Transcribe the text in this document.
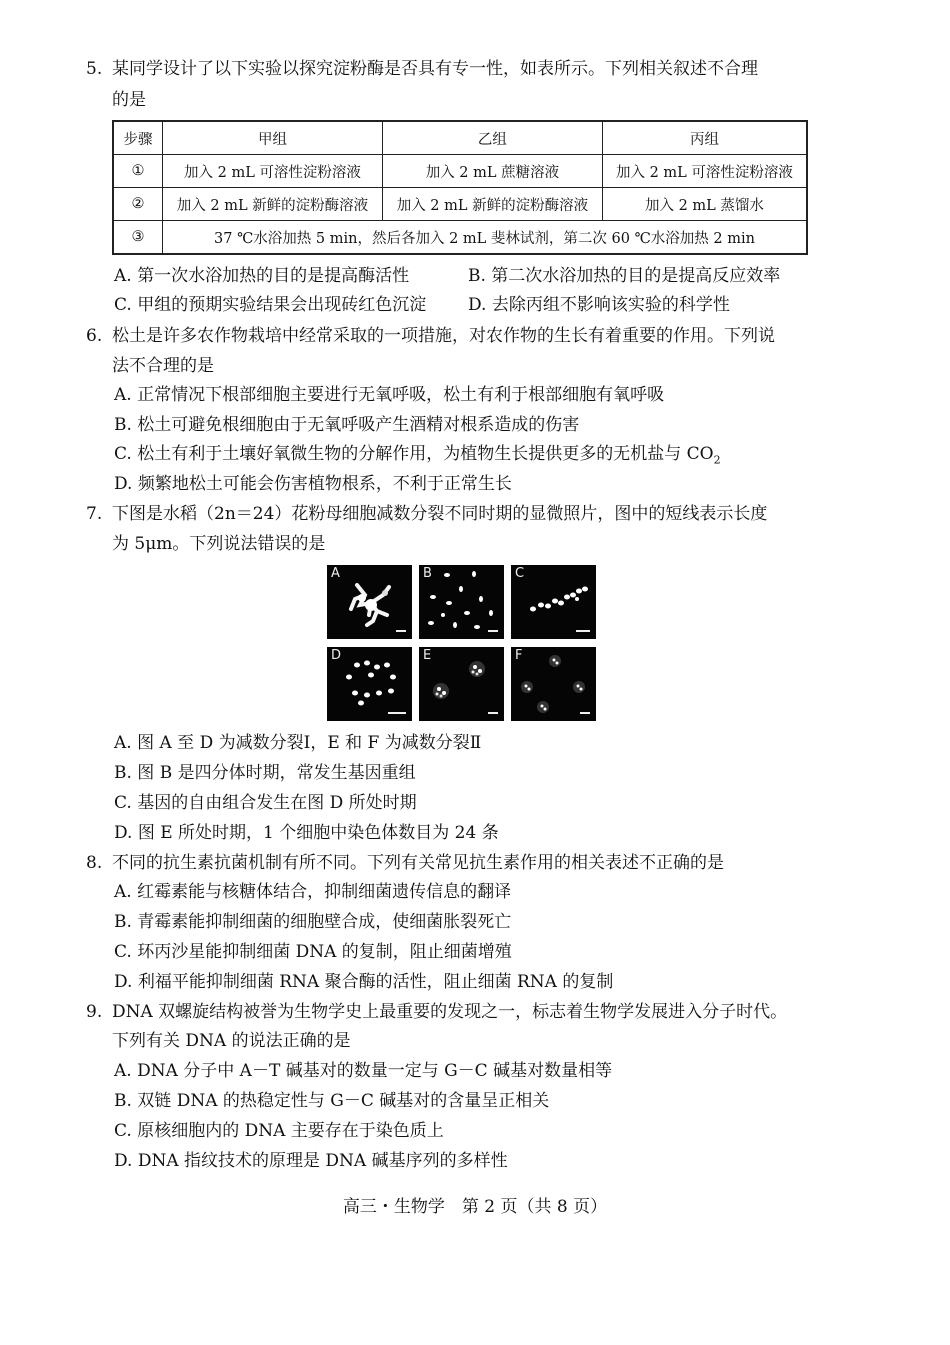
5. 某同学设计了以下实验以探究淀粉酶是否具有专一性，如表所示。下列相关叙述不合理
的是
步骤	甲组	乙组	丙组
①	加入 2 mL 可溶性淀粉溶液	加入 2 mL 蔗糖溶液	加入 2 mL 可溶性淀粉溶液
②	加入 2 mL 新鲜的淀粉酶溶液	加入 2 mL 新鲜的淀粉酶溶液	加入 2 mL 蒸馏水
③	37 ℃水浴加热 5 min，然后各加入 2 mL 斐林试剂，第二次 60 ℃水浴加热 2 min		
A. 第一次水浴加热的目的是提高酶活性	B. 第二次水浴加热的目的是提高反应效率
C. 甲组的预期实验结果会出现砖红色沉淀 D. 去除丙组不影响该实验的科学性
6. 松土是许多农作物栽培中经常采取的一项措施，对农作物的生长有着重要的作用。下列说
法不合理的是
A. 正常情况下根部细胞主要进行无氧呼吸，松土有利于根部细胞有氧呼吸
B. 松土可避免根细胞由于无氧呼吸产生酒精对根系造成的伤害
C. 松土有利于土壤好氧微生物的分解作用，为植物生长提供更多的无机盐与 $CO_2$
D. 频繁地松土可能会伤害植物根系，不利于正常生长
7. 下图是水稻（2n＝24）花粉母细胞减数分裂不同时期的显微照片，图中的短线表示长度
为 5μm。下列说法错误的是
A	B	C
D	E	F
A. 图 A 至 D 为减数分裂Ⅰ，E 和 F 为减数分裂Ⅱ
B. 图 B 是四分体时期，常发生基因重组
C. 基因的自由组合发生在图 D 所处时期
D. 图 E 所处时期，1 个细胞中染色体数目为 24 条
8. 不同的抗生素抗菌机制有所不同。下列有关常见抗生素作用的相关表述不正确的是
A. 红霉素能与核糖体结合，抑制细菌遗传信息的翻译
B. 青霉素能抑制细菌的细胞壁合成，使细菌胀裂死亡
C. 环丙沙星能抑制细菌 DNA 的复制，阻止细菌增殖
D. 利福平能抑制细菌 RNA 聚合酶的活性，阻止细菌 RNA 的复制
9. DNA 双螺旋结构被誉为生物学史上最重要的发现之一，标志着生物学发展进入分子时代。
下列有关 DNA 的说法正确的是
A. DNA 分子中 A－T 碱基对的数量一定与 G－C 碱基对数量相等
B. 双链 DNA 的热稳定性与 G－C 碱基对的含量呈正相关
C. 原核细胞内的 DNA 主要存在于染色质上
D. DNA 指纹技术的原理是 DNA 碱基序列的多样性
高三・生物学　第 2 页（共 8 页）
